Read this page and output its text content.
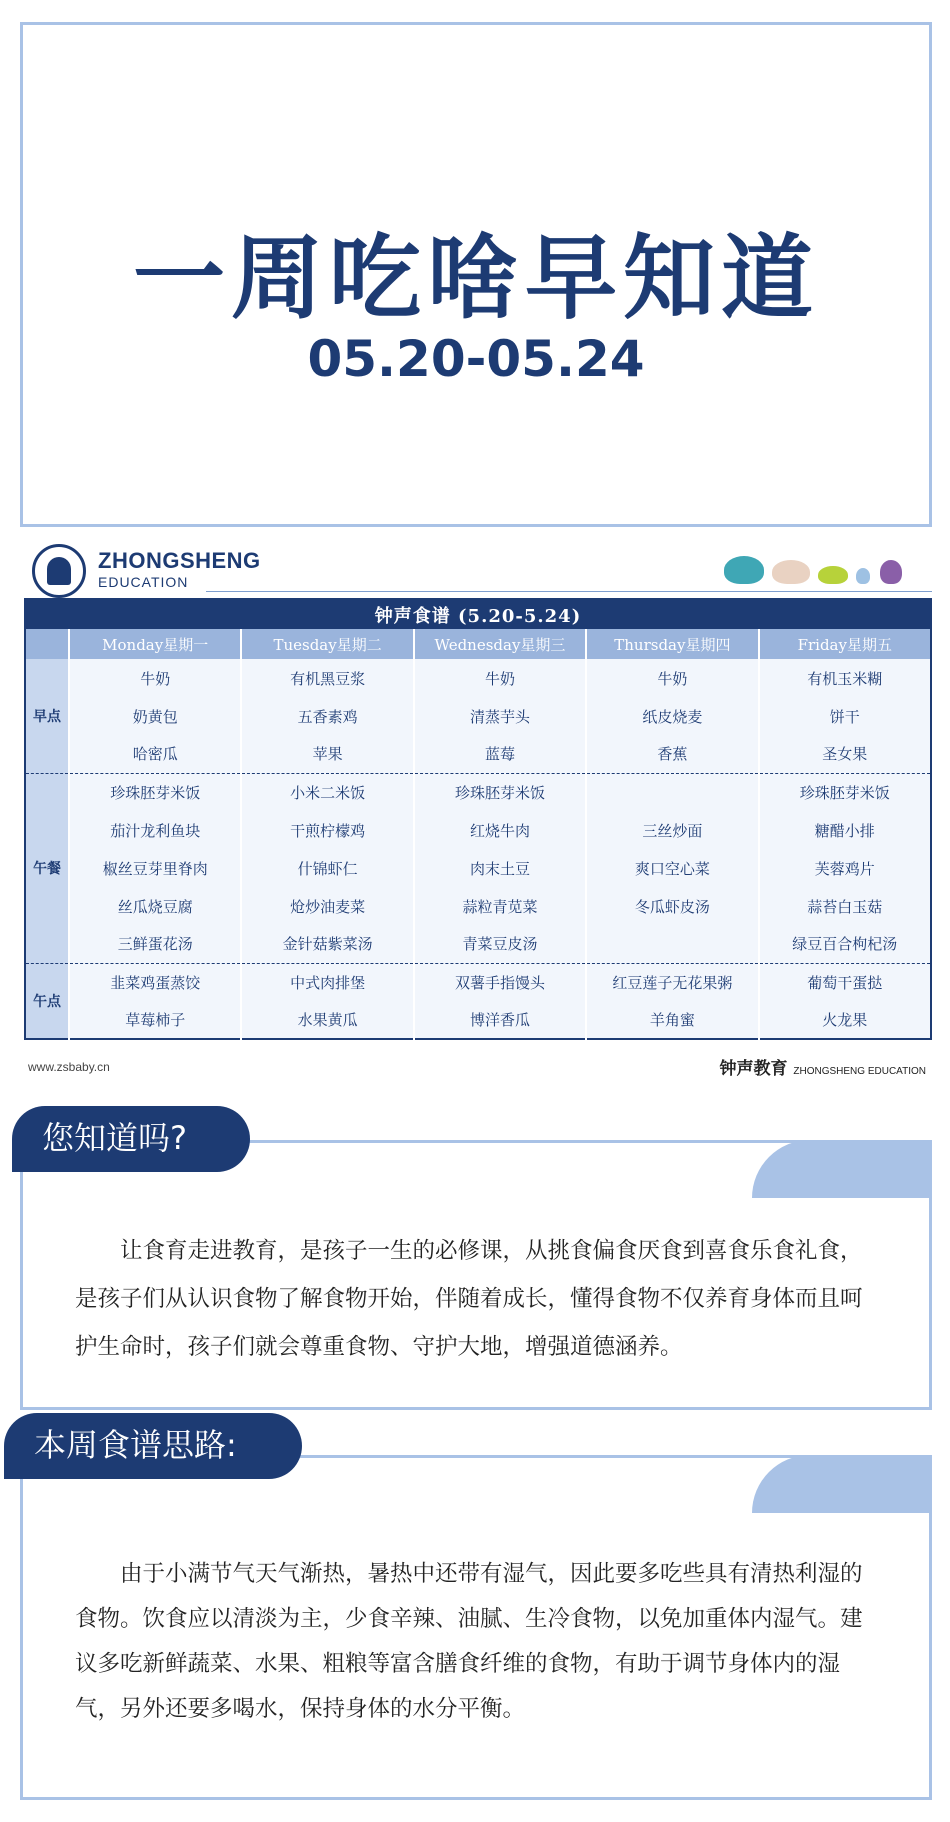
一周吃啥早知道
05.20-05.24
ZHONGSHENG
EDUCATION
钟声食谱 (5.20-5.24)					
	Monday星期一	Tuesday星期二	Wednesday星期三	Thursday星期四	Friday星期五
早点	牛奶	有机黑豆浆	牛奶	牛奶	有机玉米糊
	奶黄包	五香素鸡	清蒸芋头	纸皮烧麦	饼干
	哈密瓜	苹果	蓝莓	香蕉	圣女果
午餐	珍珠胚芽米饭	小米二米饭	珍珠胚芽米饭		珍珠胚芽米饭
	茄汁龙利鱼块	干煎柠檬鸡	红烧牛肉	三丝炒面	糖醋小排
	椒丝豆芽里脊肉	什锦虾仁	肉末土豆	爽口空心菜	芙蓉鸡片
	丝瓜烧豆腐	炝炒油麦菜	蒜粒青苋菜	冬瓜虾皮汤	蒜苔白玉菇
	三鲜蛋花汤	金针菇紫菜汤	青菜豆皮汤		绿豆百合枸杞汤
午点	韭菜鸡蛋蒸饺	中式肉排堡	双薯手指馒头	红豆莲子无花果粥	葡萄干蛋挞
	草莓柿子	水果黄瓜	博洋香瓜	羊角蜜	火龙果
www.zsbaby.cn	钟声教育 ZHONGSHENG EDUCATION
让食育走进教育，是孩子一生的必修课，从挑食偏食厌食到喜食乐食礼食，是孩子们从认识食物了解食物开始，伴随着成长，懂得食物不仅养育身体而且呵护生命时，孩子们就会尊重食物、守护大地，增强道德涵养。
您知道吗?
由于小满节气天气渐热，暑热中还带有湿气，因此要多吃些具有清热利湿的食物。饮食应以清淡为主，少食辛辣、油腻、生冷食物，以免加重体内湿气。建议多吃新鲜蔬菜、水果、粗粮等富含膳食纤维的食物，有助于调节身体内的湿气，另外还要多喝水，保持身体的水分平衡。
本周食谱思路:
